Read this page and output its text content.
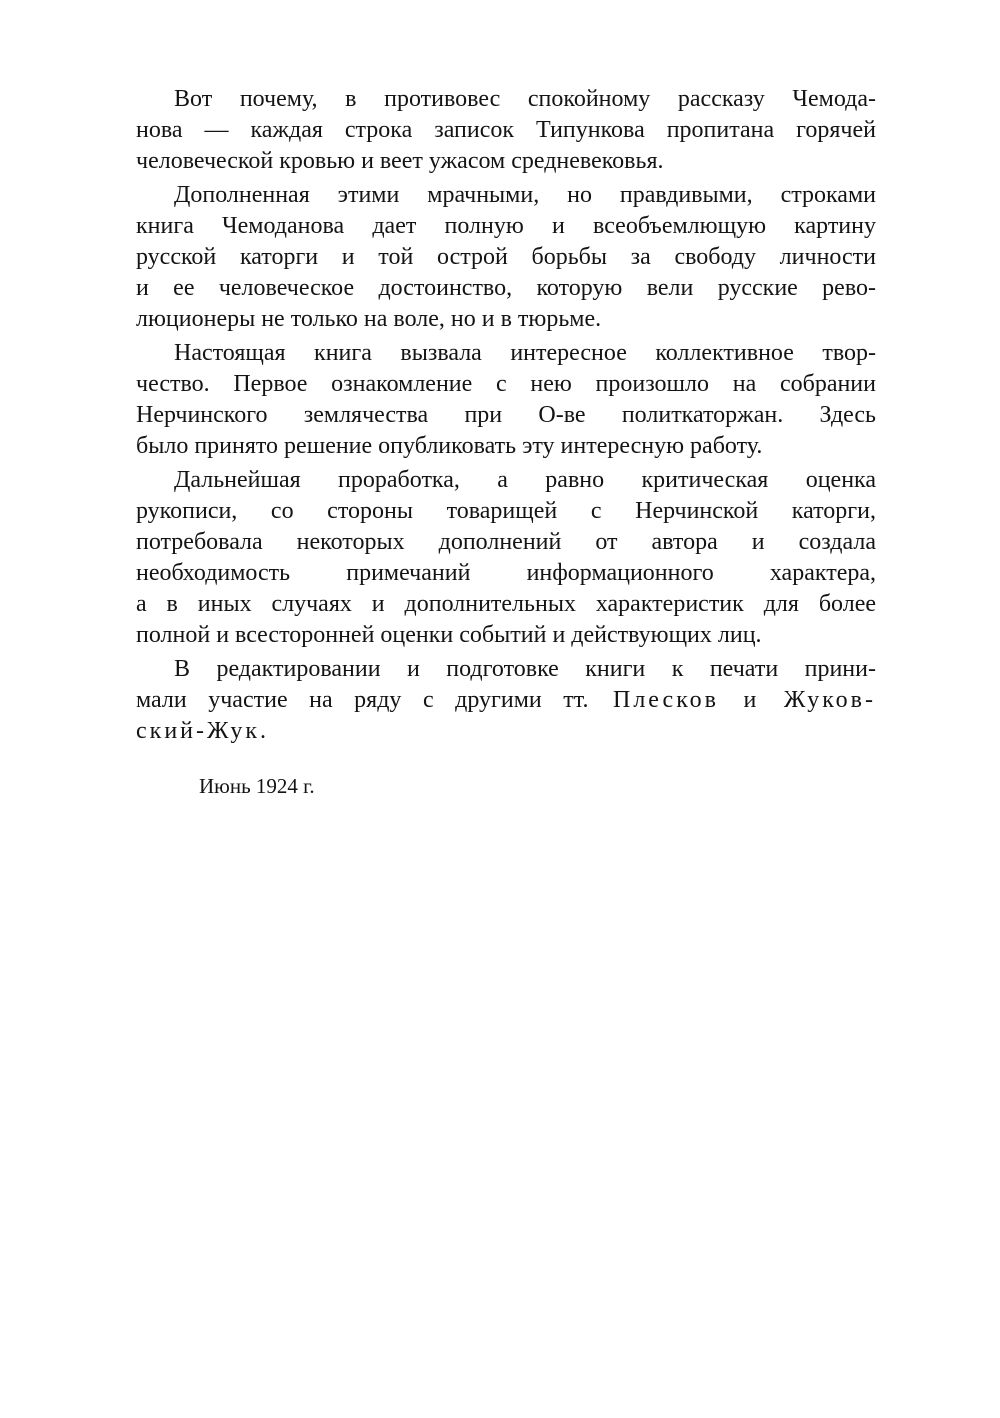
Вот почему, в противовес спокойному рассказу Чемода-
нова — каждая строка записок Типункова пропитана горячей
человеческой кровью и веет ужасом средневековья.

Дополненная этими мрачными, но правдивыми, строками
книга Чемоданова дает полную и всеобъемлющую картину
русской каторги и той острой борьбы за свободу личности
и ее человеческое достоинство, которую вели русские рево-
люционеры не только на воле, но и в тюрьме.

Настоящая книга вызвала интересное коллективное твор-
чество. Первое ознакомление с нею произошло на собрании
Нерчинского землячества при О-ве политкаторжан. Здесь
было принято решение опубликовать эту интересную работу.

Дальнейшая проработка, а равно критическая оценка
рукописи, со стороны товарищей с Нерчинской каторги,
потребовала некоторых дополнений от автора и создала
необходимость примечаний информационного характера,
а в иных случаях и дополнительных характеристик для более
полной и всесторонней оценки событий и действующих лиц.

В редактировании и подготовке книги к печати прини-
мали участие на ряду с другими тт. Плесков и Жуков-
ский-Жук.

Июнь 1924 г.
